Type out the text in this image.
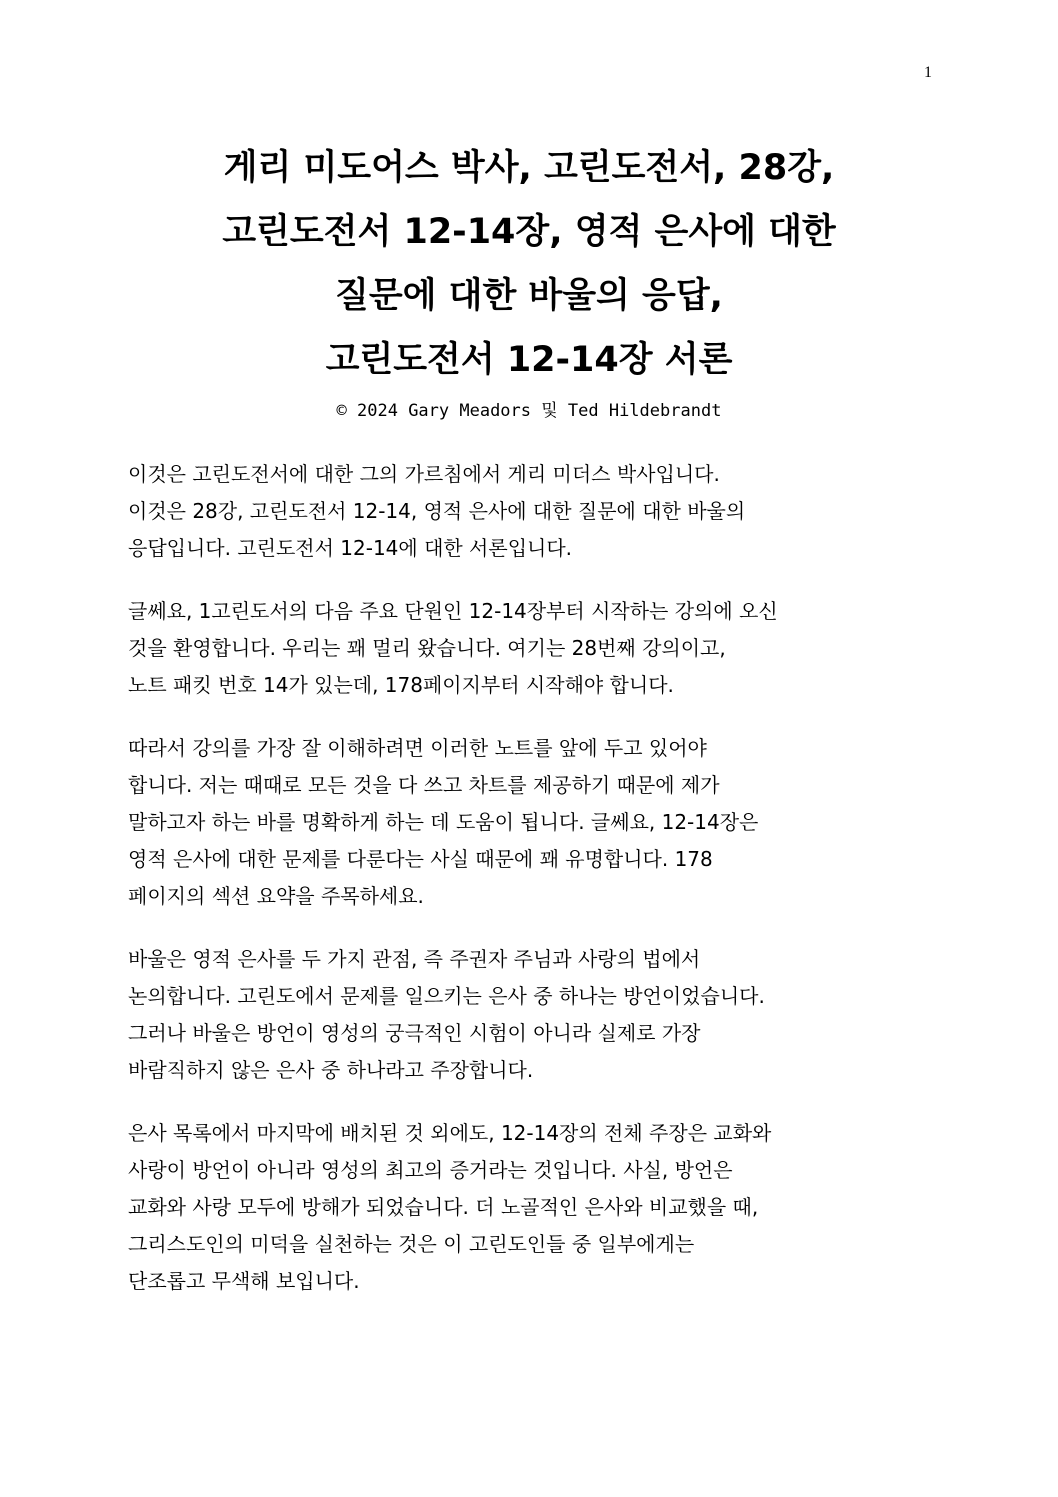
1
게리 미도어스 박사, 고린도전서, 28강,
고린도전서 12-14장, 영적 은사에 대한
질문에 대한 바울의 응답,
고린도전서 12-14장 서론
© 2024 Gary Meadors 및 Ted Hildebrandt

이것은 고린도전서에 대한 그의 가르침에서 게리 미더스 박사입니다.
이것은 28강, 고린도전서 12-14, 영적 은사에 대한 질문에 대한 바울의
응답입니다. 고린도전서 12-14에 대한 서론입니다.

글쎄요, 1고린도서의 다음 주요 단원인 12-14장부터 시작하는 강의에 오신
것을 환영합니다. 우리는 꽤 멀리 왔습니다. 여기는 28번째 강의이고,
노트 패킷 번호 14가 있는데, 178페이지부터 시작해야 합니다.

따라서 강의를 가장 잘 이해하려면 이러한 노트를 앞에 두고 있어야
합니다. 저는 때때로 모든 것을 다 쓰고 차트를 제공하기 때문에 제가
말하고자 하는 바를 명확하게 하는 데 도움이 됩니다. 글쎄요, 12-14장은
영적 은사에 대한 문제를 다룬다는 사실 때문에 꽤 유명합니다. 178
페이지의 섹션 요약을 주목하세요.

바울은 영적 은사를 두 가지 관점, 즉 주권자 주님과 사랑의 법에서
논의합니다. 고린도에서 문제를 일으키는 은사 중 하나는 방언이었습니다.
그러나 바울은 방언이 영성의 궁극적인 시험이 아니라 실제로 가장
바람직하지 않은 은사 중 하나라고 주장합니다.

은사 목록에서 마지막에 배치된 것 외에도, 12-14장의 전체 주장은 교화와
사랑이 방언이 아니라 영성의 최고의 증거라는 것입니다. 사실, 방언은
교화와 사랑 모두에 방해가 되었습니다. 더 노골적인 은사와 비교했을 때,
그리스도인의 미덕을 실천하는 것은 이 고린도인들 중 일부에게는
단조롭고 무색해 보입니다.
